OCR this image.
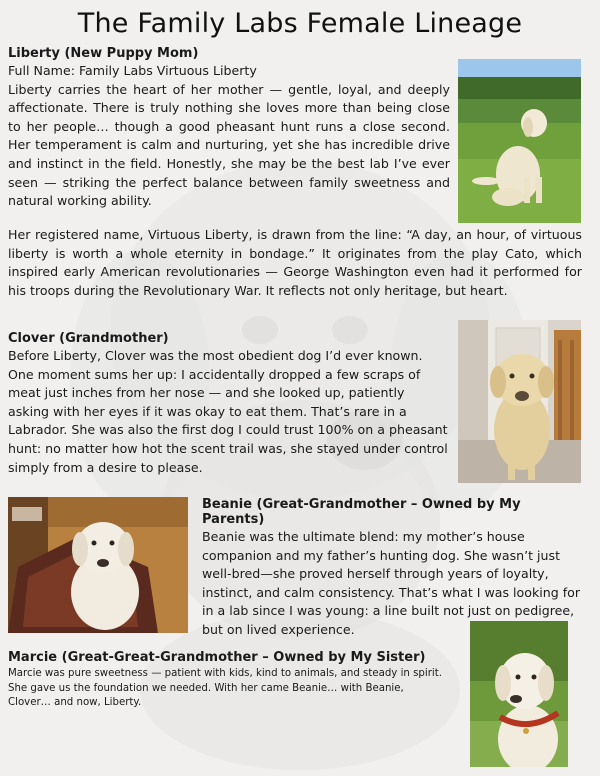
The Family Labs Female Lineage

Liberty (New Puppy Mom)

Full Name: Family Labs Virtuous Liberty

Liberty carries the heart of her mother — gentle, loyal, and deeply affectionate. There is truly nothing she loves more than being close to her people… though a good pheasant hunt runs a close second. Her temperament is calm and nurturing, yet she has incredible drive and instinct in the field. Honestly, she may be the best lab I’ve ever seen — striking the perfect balance between family sweetness and natural working ability.

Her registered name, Virtuous Liberty, is drawn from the line: “A day, an hour, of virtuous liberty is worth a whole eternity in bondage.” It originates from the play Cato, which inspired early American revolutionaries — George Washington even had it performed for his troops during the Revolutionary War. It reflects not only heritage, but heart.

Clover (Grandmother)

Before Liberty, Clover was the most obedient dog I’d ever known. One moment sums her up: I accidentally dropped a few scraps of meat just inches from her nose — and she looked up, patiently asking with her eyes if it was okay to eat them. That’s rare in a Labrador. She was also the first dog I could trust 100% on a pheasant hunt: no matter how hot the scent trail was, she stayed under control simply from a desire to please.

Beanie (Great-Grandmother – Owned by My Parents)

Beanie was the ultimate blend: my mother’s house companion and my father’s hunting dog. She wasn’t just well-bred—she proved herself through years of loyalty, instinct, and calm consistency. That’s what I was looking for in a lab since I was young: a line built not just on pedigree, but on lived experience.

Marcie (Great-Great-Grandmother – Owned by My Sister)

Marcie was pure sweetness — patient with kids, kind to animals, and steady in spirit. She gave us the foundation we needed. With her came Beanie… with Beanie, Clover… and now, Liberty.
